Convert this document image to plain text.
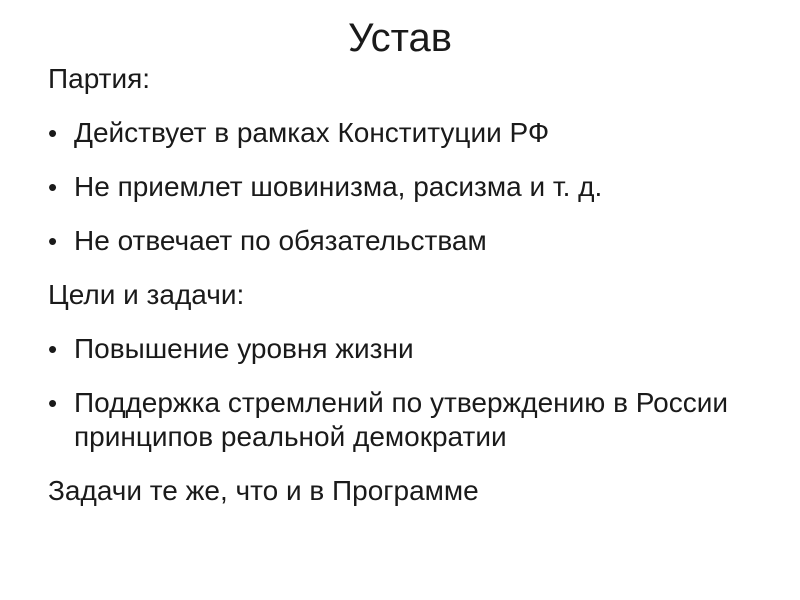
Устав

Партия:

• Действует в рамках Конституции РФ
• Не приемлет шовинизма, расизма и т. д.
• Не отвечает по обязательствам

Цели и задачи:

• Повышение уровня жизни
• Поддержка стремлений по утверждению в России принципов реальной демократии

Задачи те же, что и в Программе
